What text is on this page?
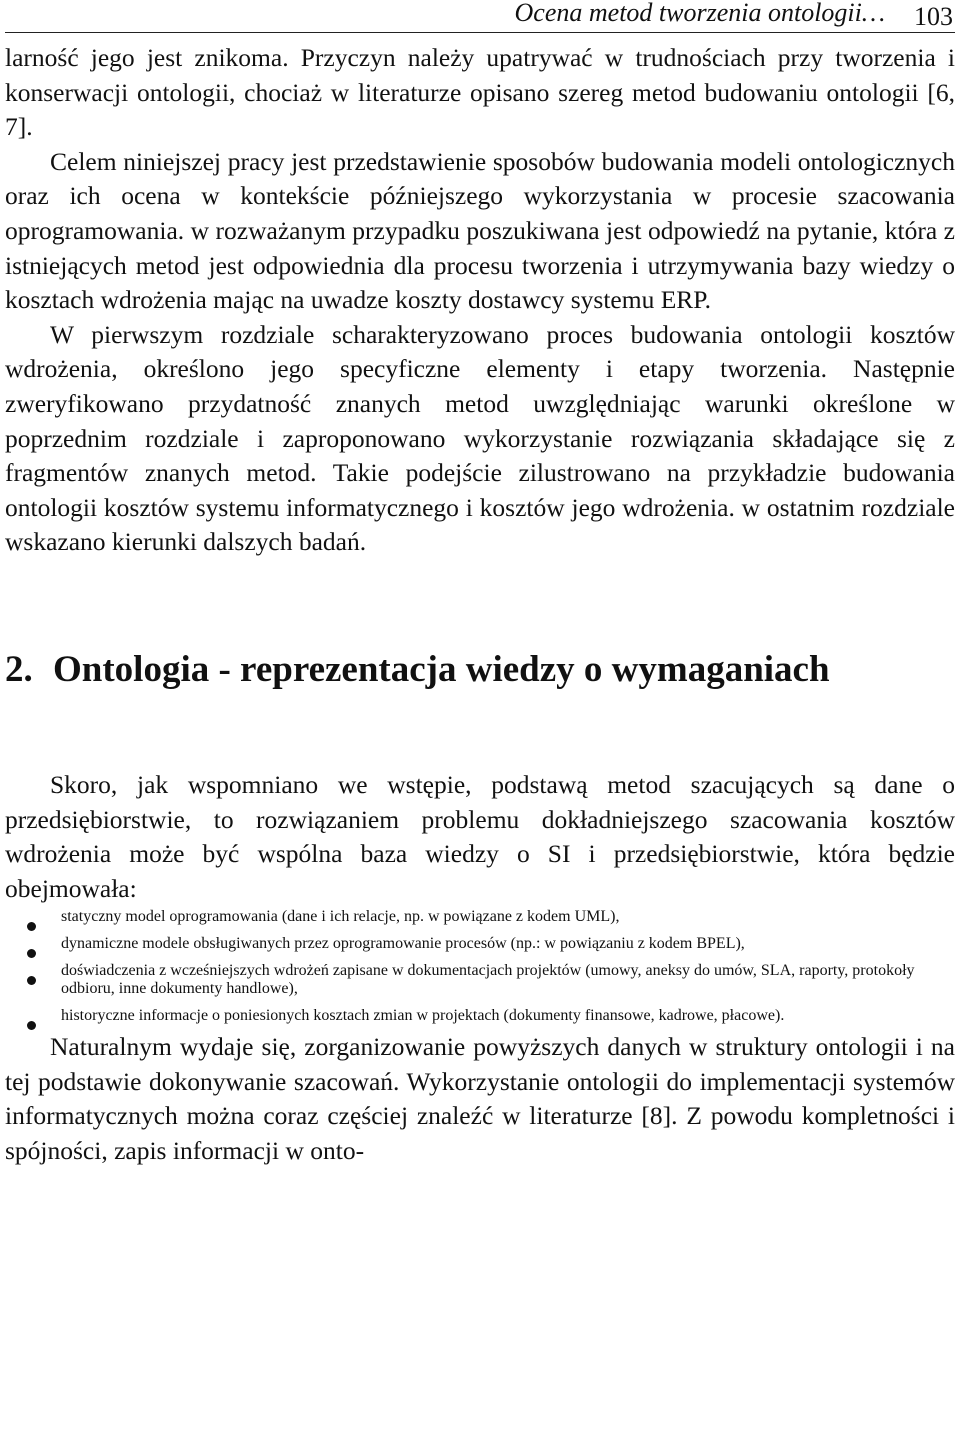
Ocena metod tworzenia ontologii… 103

larność jego jest znikoma. Przyczyn należy upatrywać w trudnościach przy tworzenia i konserwacji ontologii, chociaż w literaturze opisano szereg metod budowaniu ontologii [6, 7].

Celem niniejszej pracy jest przedstawienie sposobów budowania modeli ontologicznych oraz ich ocena w kontekście późniejszego wykorzystania w procesie szacowania oprogramowania. w rozważanym przypadku poszukiwana jest odpowiedź na pytanie, która z istniejących metod jest odpowiednia dla procesu tworzenia i utrzymywania bazy wiedzy o kosztach wdrożenia mając na uwadze koszty dostawcy systemu ERP.

W pierwszym rozdziale scharakteryzowano proces budowania ontologii kosztów wdrożenia, określono jego specyficzne elementy i etapy tworzenia. Następnie zweryfikowano przydatność znanych metod uwzględniając warunki określone w poprzednim rozdziale i zaproponowano wykorzystanie rozwiązania składające się z fragmentów znanych metod. Takie podejście zilustrowano na przykładzie budowania ontologii kosztów systemu informatycznego i kosztów jego wdrożenia. w ostatnim rozdziale wskazano kierunki dalszych badań.

2. Ontologia - reprezentacja wiedzy o wymaganiach

Skoro, jak wspomniano we wstępie, podstawą metod szacujących są dane o przedsiębiorstwie, to rozwiązaniem problemu dokładniejszego szacowania kosztów wdrożenia może być wspólna baza wiedzy o SI i przedsiębiorstwie, która będzie obejmowała:

statyczny model oprogramowania (dane i ich relacje, np. w powiązane z kodem UML),
dynamiczne modele obsługiwanych przez oprogramowanie procesów (np.: w powiązaniu z kodem BPEL),
doświadczenia z wcześniejszych wdrożeń zapisane w dokumentacjach projektów (umowy, aneksy do umów, SLA, raporty, protokoły odbioru, inne dokumenty handlowe),
historyczne informacje o poniesionych kosztach zmian w projektach (dokumenty finansowe, kadrowe, płacowe).

Naturalnym wydaje się, zorganizowanie powyższych danych w struktury ontologii i na tej podstawie dokonywanie szacowań. Wykorzystanie ontologii do implementacji systemów informatycznych można coraz częściej znaleźć w literaturze [8]. Z powodu kompletności i spójności, zapis informacji w onto-
